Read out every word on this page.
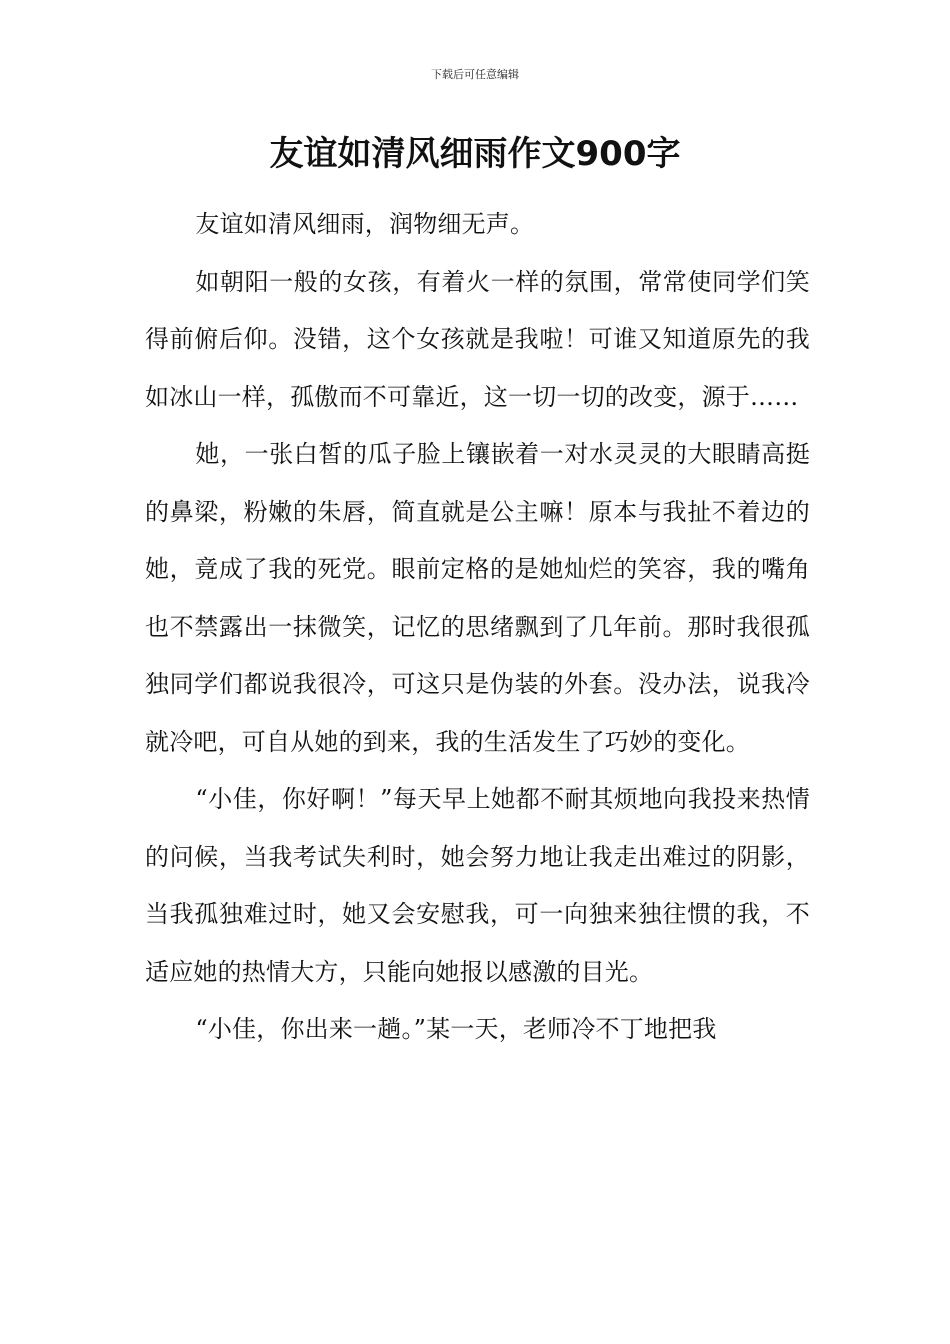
下载后可任意编辑
友谊如清风细雨作文900字

友谊如清风细雨，润物细无声。

如朝阳一般的女孩，有着火一样的氛围，常常使同学们笑得前俯后仰。没错，这个女孩就是我啦！可谁又知道原先的我如冰山一样，孤傲而不可靠近，这一切一切的改变，源于……

她，一张白皙的瓜子脸上镶嵌着一对水灵灵的大眼睛高挺的鼻梁，粉嫩的朱唇，简直就是公主嘛！原本与我扯不着边的她，竟成了我的死党。眼前定格的是她灿烂的笑容，我的嘴角也不禁露出一抹微笑，记忆的思绪飘到了几年前。那时我很孤独同学们都说我很冷，可这只是伪装的外套。没办法，说我冷就冷吧，可自从她的到来，我的生活发生了巧妙的变化。

“小佳，你好啊！”每天早上她都不耐其烦地向我投来热情的问候，当我考试失利时，她会努力地让我走出难过的阴影，当我孤独难过时，她又会安慰我，可一向独来独往惯的我，不适应她的热情大方，只能向她报以感激的目光。

“小佳，你出来一趟。”某一天，老师冷不丁地把我
